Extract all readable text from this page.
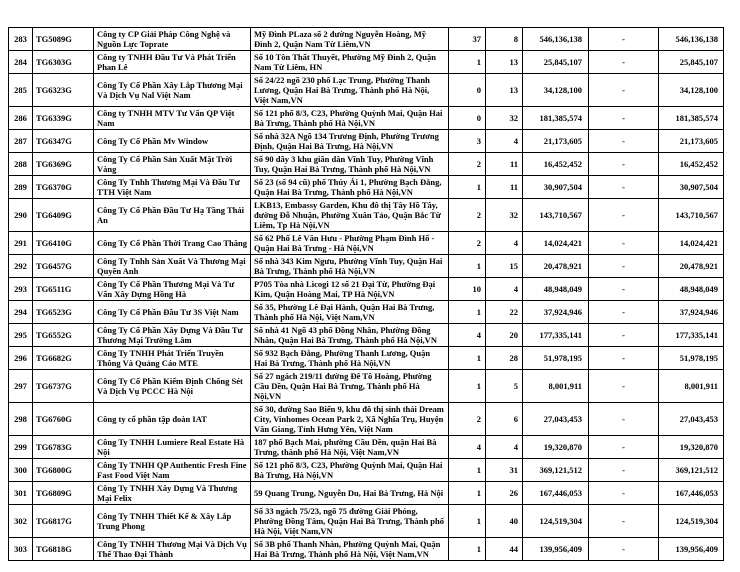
283	TG5089G	Công ty CP Giải Pháp Công Nghệ và Nguồn Lực Toprate	Mỹ Đình PLaza số 2 đường Nguyễn Hoàng, Mỹ Đình 2, Quận Nam Từ Liêm,VN	37	8	546,136,138	-	546,136,138
284	TG6303G	Công ty TNHH Đầu Tư Và Phát Triển Phan Lê	Số 10 Tôn Thất Thuyết, Phường Mỹ Đình 2, Quận Nam Từ Liêm, HN	1	13	25,845,107	-	25,845,107
285	TG6323G	Công Ty Cổ Phần Xây Lắp Thương Mại Và Dịch Vụ Nal Việt Nam	Số 24/22 ngõ 230 phố Lạc Trung, Phường Thanh Lương, Quận Hai Bà Trưng, Thành phố Hà Nội, Việt Nam,VN	0	13	34,128,100	-	34,128,100
286	TG6339G	Công ty TNHH MTV Tư Vấn QP Việt Nam	Số 121 phố 8/3, C23, Phường Quỳnh Mai, Quận Hai Bà Trưng, Thành phố Hà Nội,VN	0	32	181,385,574	-	181,385,574
287	TG6347G	Công Ty Cổ Phần Mv Window	Số nhà 32A Ngõ 134 Trương Định, Phường Trương Định, Quận Hai Bà Trưng, Hà Nội,VN	3	4	21,173,605	-	21,173,605
288	TG6369G	Công Ty Cổ Phần Sản Xuất Mặt Trời Vàng	Số 90 dãy 3 khu giãn dân Vĩnh Tuy, Phường Vĩnh Tuy, Quận Hai Bà Trưng, Thành phố Hà Nội,VN	2	11	16,452,452	-	16,452,452
289	TG6370G	Công Ty Tnhh Thương Mại Và Đầu Tư TTH Việt Nam	Số 23 (số 94 cũ) phố Thúy Ái 1, Phường Bạch Đằng, Quận Hai Bà Trưng, Thành phố Hà Nội,VN	1	11	30,907,504	-	30,907,504
290	TG6409G	Công Ty Cổ Phần Đầu Tư Hạ Tầng Thái An	LKB13, Embassy Garden, Khu đô thị Tây Hồ Tây, đường Đỗ Nhuận, Phường Xuân Tảo, Quận Bắc Từ Liêm, Tp Hà Nội,VN	2	32	143,710,567	-	143,710,567
291	TG6410G	Công Ty Cổ Phần Thời Trang Cao Thăng	Số 62 Phố Lê Văn Hưu - Phường Phạm Đình Hổ - Quận Hai Bà Trưng - Hà Nội,VN	2	4	14,024,421	-	14,024,421
292	TG6457G	Công Ty Tnhh Sản Xuất Và Thương Mại Quyền Anh	Số nhà 343 Kim Ngưu, Phường Vĩnh Tuy, Quận Hai Bà Trưng, Thành phố Hà Nội,VN	1	15	20,478,921	-	20,478,921
293	TG6511G	Công Ty Cổ Phần Thương Mại Và Tư Vấn Xây Dựng Hồng Hà	P705 Tòa nhà Licogi 12 số 21 Đại Từ, Phường Đại Kim, Quận Hoàng Mai, TP Hà Nội,VN	10	4	48,948,049	-	48,948,049
294	TG6523G	Công Ty Cổ Phần Đầu Tư 3S Việt Nam	Số 35, Phường Lê Đại Hành, Quận Hai Bà Trưng, Thành phố Hà Nội, Việt Nam,VN	1	22	37,924,946	-	37,924,946
295	TG6552G	Công Ty Cổ Phần Xây Dựng Và Đầu Tư Thương Mại Trường Lâm	Số nhà 41 Ngõ 43 phố Đồng Nhân, Phường Đồng Nhân, Quận Hai Bà Trưng, Thành phố Hà Nội,VN	4	20	177,335,141	-	177,335,141
296	TG6682G	Công Ty TNHH Phát Triển Truyền Thông Và Quảng Cáo MTE	Số 932 Bạch Đằng, Phường Thanh Lương, Quận Hai Bà Trưng, Thành phố Hà Nội,VN	1	28	51,978,195	-	51,978,195
297	TG6737G	Công Ty Cổ Phần Kiểm Định Chống Sét Và Dịch Vụ PCCC Hà Nội	Số 27 ngách 219/11 đường Đê Tô Hoàng, Phường Cầu Dền, Quận Hai Bà Trưng, Thành phố Hà Nội,VN	1	5	8,001,911	-	8,001,911
298	TG6760G	Công ty cổ phần tập đoàn IAT	Số 30, đường Sao Biển 9, khu đô thị sinh thái Dream City, Vinhomes Ocean Park 2, Xã Nghĩa Trụ, Huyện Văn Giang, Tỉnh Hưng Yên, Việt Nam	2	6	27,043,453	-	27,043,453
299	TG6783G	Công Ty TNHH Lumiere Real Estate Hà Nội	187 phố Bạch Mai, phường Cầu Dền, quận Hai Bà Trưng, thành phố Hà Nội, Việt Nam,VN	4	4	19,320,870	-	19,320,870
300	TG6800G	Công Ty TNHH QP Authentic Fresh Fine Fast Food Việt Nam	Số 121 phố 8/3, C23, Phường Quỳnh Mai, Quận Hai Bà Trưng, Hà Nội,VN	1	31	369,121,512	-	369,121,512
301	TG6809G	Công Ty TNHH Xây Dựng Và Thương Mại Felix	59 Quang Trung, Nguyễn Du, Hai Bà Trưng, Hà Nội	1	26	167,446,053	-	167,446,053
302	TG6817G	Công Ty TNHH Thiết Kế & Xây Lắp Trung Phong	Số 33 ngách 75/23, ngõ 75 đường Giải Phóng, Phường Đồng Tâm, Quận Hai Bà Trưng, Thành phố Hà Nội, Việt Nam,VN	1	40	124,519,304	-	124,519,304
303	TG6818G	Công Ty TNHH Thương Mại Và Dịch Vụ Thể Thao Đại Thành	Số 3B phố Thanh Nhàn, Phường Quỳnh Mai, Quận Hai Bà Trưng, Thành phố Hà Nội, Việt Nam,VN	1	44	139,956,409	-	139,956,409
